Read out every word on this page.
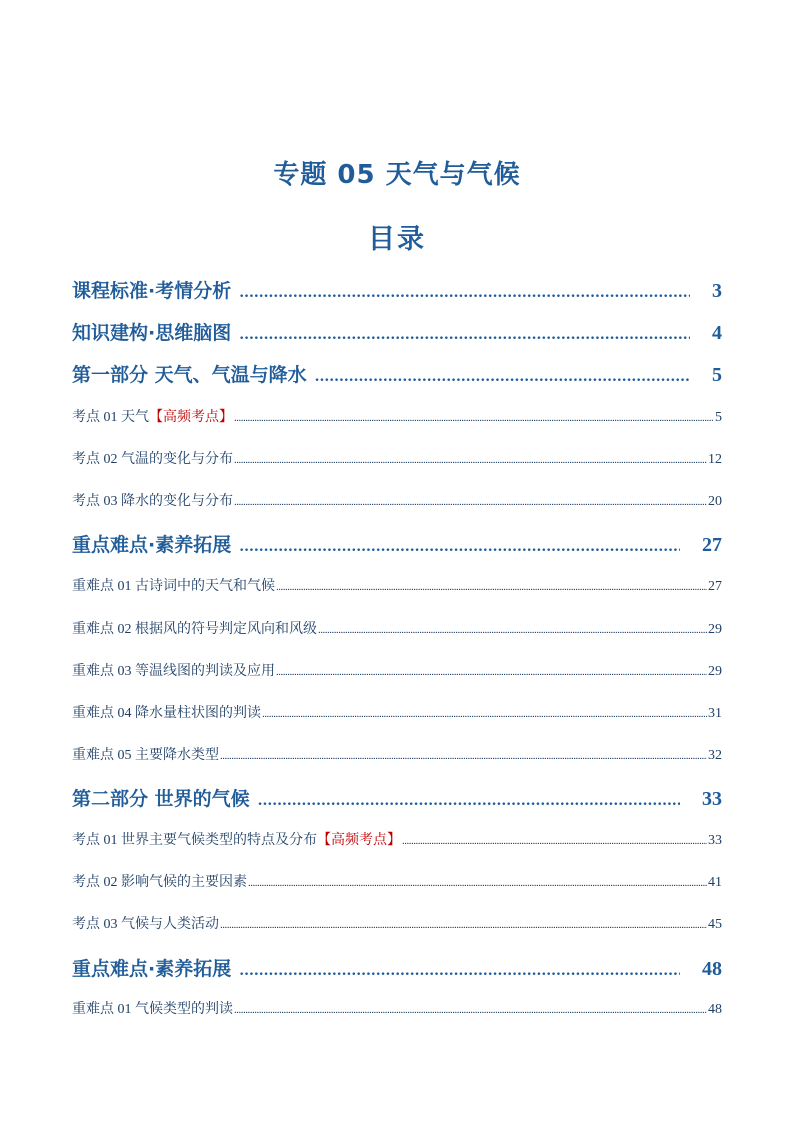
专题 05 天气与气候
目录
课程标准·考情分析 .....	3
知识建构·思维脑图 .....	4
第一部分 天气、气温与降水 .....	5
考点 01 天气【高频考点】 .....	5
考点 02 气温的变化与分布 .....	12
考点 03 降水的变化与分布 .....	20
重点难点·素养拓展 .....	27
重难点 01 古诗词中的天气和气候 .....	27
重难点 02 根据风的符号判定风向和风级 .....	29
重难点 03 等温线图的判读及应用 .....	29
重难点 04 降水量柱状图的判读 .....	31
重难点 05 主要降水类型 .....	32
第二部分 世界的气候 .....	33
考点 01 世界主要气候类型的特点及分布【高频考点】 .....	33
考点 02 影响气候的主要因素 .....	41
考点 03 气候与人类活动 .....	45
重点难点·素养拓展 .....	48
重难点 01 气候类型的判读 .....	48
